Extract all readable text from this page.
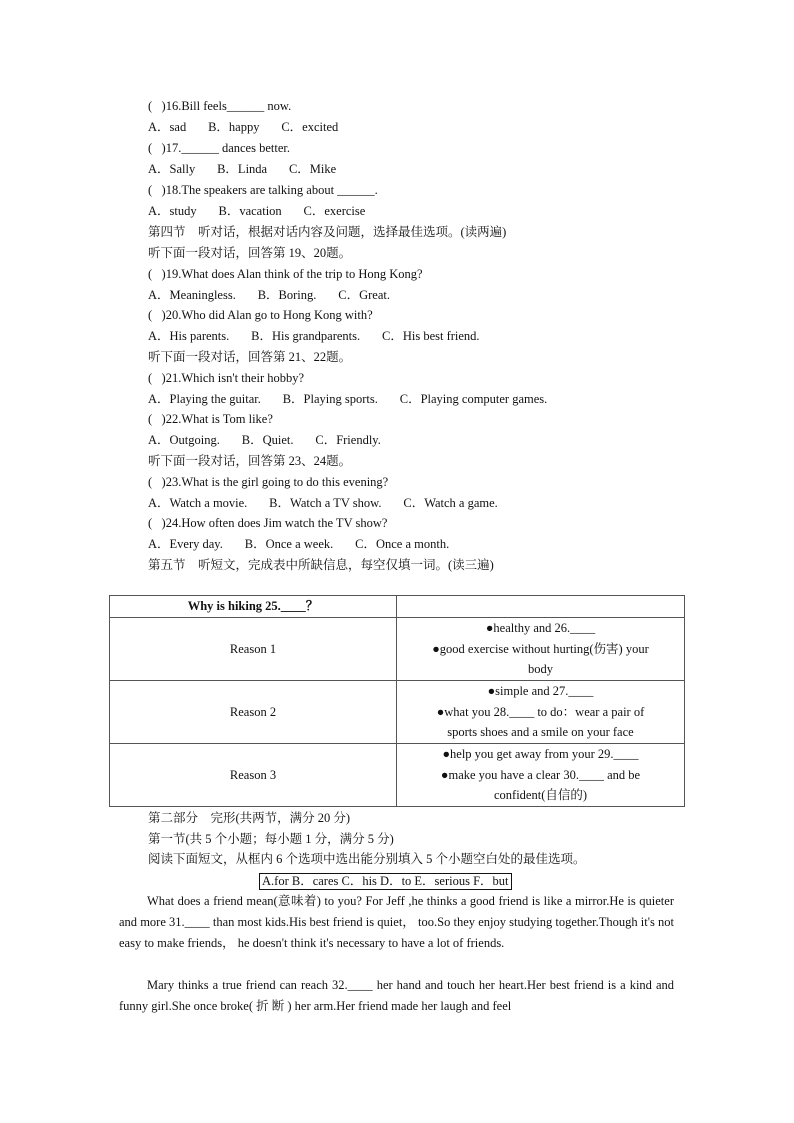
(   )16.Bill feels______ now.
A．sad       B．happy       C．excited
(   )17.______ dances better.
A．Sally       B．Linda       C．Mike
(   )18.The speakers are talking about ______.
A．study       B．vacation       C．exercise
第四节　听对话，根据对话内容及问题，选择最佳选项。(读两遍)
听下面一段对话，回答第 19、20题。
(   )19.What does Alan think of the trip to Hong Kong?
A．Meaningless.       B．Boring.       C．Great.
(   )20.Who did Alan go to Hong Kong with?
A．His parents.       B．His grandparents.       C．His best friend.
听下面一段对话，回答第 21、22题。
(   )21.Which isn't their hobby?
A．Playing the guitar.       B．Playing sports.       C．Playing computer games.
(   )22.What is Tom like?
A．Outgoing.       B．Quiet.       C．Friendly.
听下面一段对话，回答第 23、24题。
(   )23.What is the girl going to do this evening?
A．Watch a movie.       B．Watch a TV show.       C．Watch a game.
(   )24.How often does Jim watch the TV show?
A．Every day.       B．Once a week.       C．Once a month.
第五节　听短文，完成表中所缺信息，每空仅填一词。(读三遍)
Why is hiking 25.____？	
Reason 1	●healthy and 26.____
●good exercise without hurting(伤害) your
body

Reason 2	●simple and 27.____
●what you 28.____ to do：wear a pair of
sports shoes and a smile on your face

Reason 3	●help you get away from your 29.____
●make you have a clear 30.____ and be
confident(自信的)
第二部分　完形(共两节，满分 20 分)
第一节(共 5 个小题；每小题 1 分，满分 5 分)
阅读下面短文，从框内 6 个选项中选出能分别填入 5 个小题空白处的最佳选项。
A.for B．cares C．his D．to E．serious F．but
What does a friend mean(意味着) to you? For Jeff ,he thinks a good friend is like a mirror.He is quieter and more 31.____ than most kids.His best friend is quiet， too.So they enjoy studying together.Though it's not easy to make friends， he doesn't think it's necessary to have a lot of friends.
Mary thinks a true friend can reach 32.____ her hand and touch her heart.Her best friend is a kind and funny girl.She once broke( 折 断 ) her arm.Her friend made her laugh and feel
